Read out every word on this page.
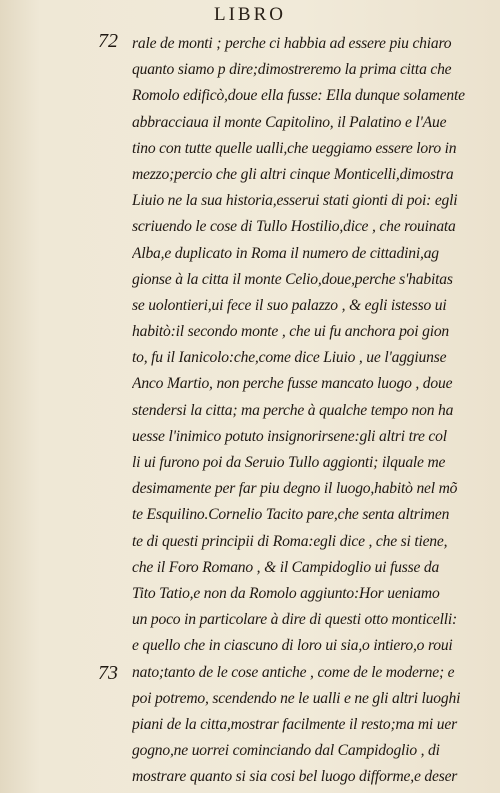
LIBRO
72
73
rale de monti ; perche ci habbia ad essere piu chiaro
quanto siamo p dire;dimostreremo la prima citta che
Romolo edificò,doue ella fusse: Ella dunque solamente
abbracciaua il monte Capitolino, il Palatino e l'Aue
tino con tutte quelle ualli,che ueggiamo essere loro in
mezzo;percio che gli altri cinque Monticelli,dimostra
Liuio ne la sua historia,esserui stati gionti di poi: egli
scriuendo le cose di Tullo Hostilio,dice , che rouinata
Alba,e duplicato in Roma il numero de cittadini,ag
gionse à la citta il monte Celio,doue,perche s'habitas
se uolontieri,ui fece il suo palazzo , & egli istesso ui
habitò:il secondo monte , che ui fu anchora poi gion
to, fu il Ianicolo:che,come dice Liuio , ue l'aggiunse
Anco Martio, non perche fusse mancato luogo , doue
stendersi la citta; ma perche à qualche tempo non ha
uesse l'inimico potuto insignorirsene:gli altri tre col
li ui furono poi da Seruio Tullo aggionti; ilquale me
desimamente per far piu degno il luogo,habitò nel mõ
te Esquilino.Cornelio Tacito pare,che senta altrimen
te di questi principii di Roma:egli dice , che si tiene,
che il Foro Romano , & il Campidoglio ui fusse da
Tito Tatio,e non da Romolo aggiunto:Hor ueniamo
un poco in particolare à dire di questi otto monticelli:
e quello che in ciascuno di loro ui sia,o intiero,o roui
nato;tanto de le cose antiche , come de le moderne; e
poi potremo, scendendo ne le ualli e ne gli altri luoghi
piani de la citta,mostrar facilmente il resto;ma mi uer
gogno,ne uorrei cominciando dal Campidoglio , di
mostrare quanto si sia cosi bel luogo difforme,e deser
